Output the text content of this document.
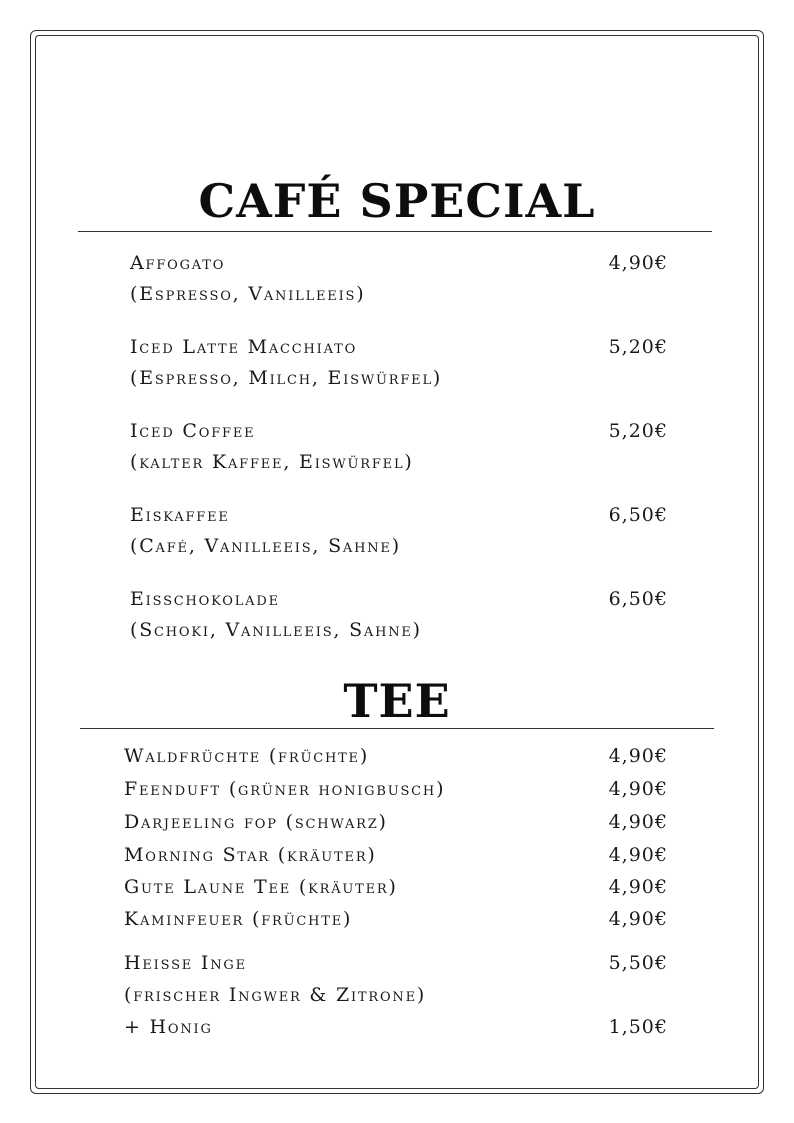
CAFÉ SPECIAL
Affogato	4,90€
(Espresso, Vanilleeis)
Iced Latte Macchiato	5,20€
(Espresso, Milch, Eiswürfel)
Iced Coffee	5,20€
(kalter Kaffee, Eiswürfel)
Eiskaffee	6,50€
(Café, Vanilleeis, Sahne)
Eisschokolade	6,50€
(Schoki, Vanilleeis, Sahne)
TEE
Waldfrüchte (früchte)	4,90€
Feenduft (grüner honigbusch)	4,90€
Darjeeling fop (schwarz)	4,90€
Morning Star (kräuter)	4,90€
Gute Laune Tee (kräuter)	4,90€
Kaminfeuer (früchte)	4,90€
Heisse Inge	5,50€
(frischer Ingwer & Zitrone)
+ Honig	1,50€
